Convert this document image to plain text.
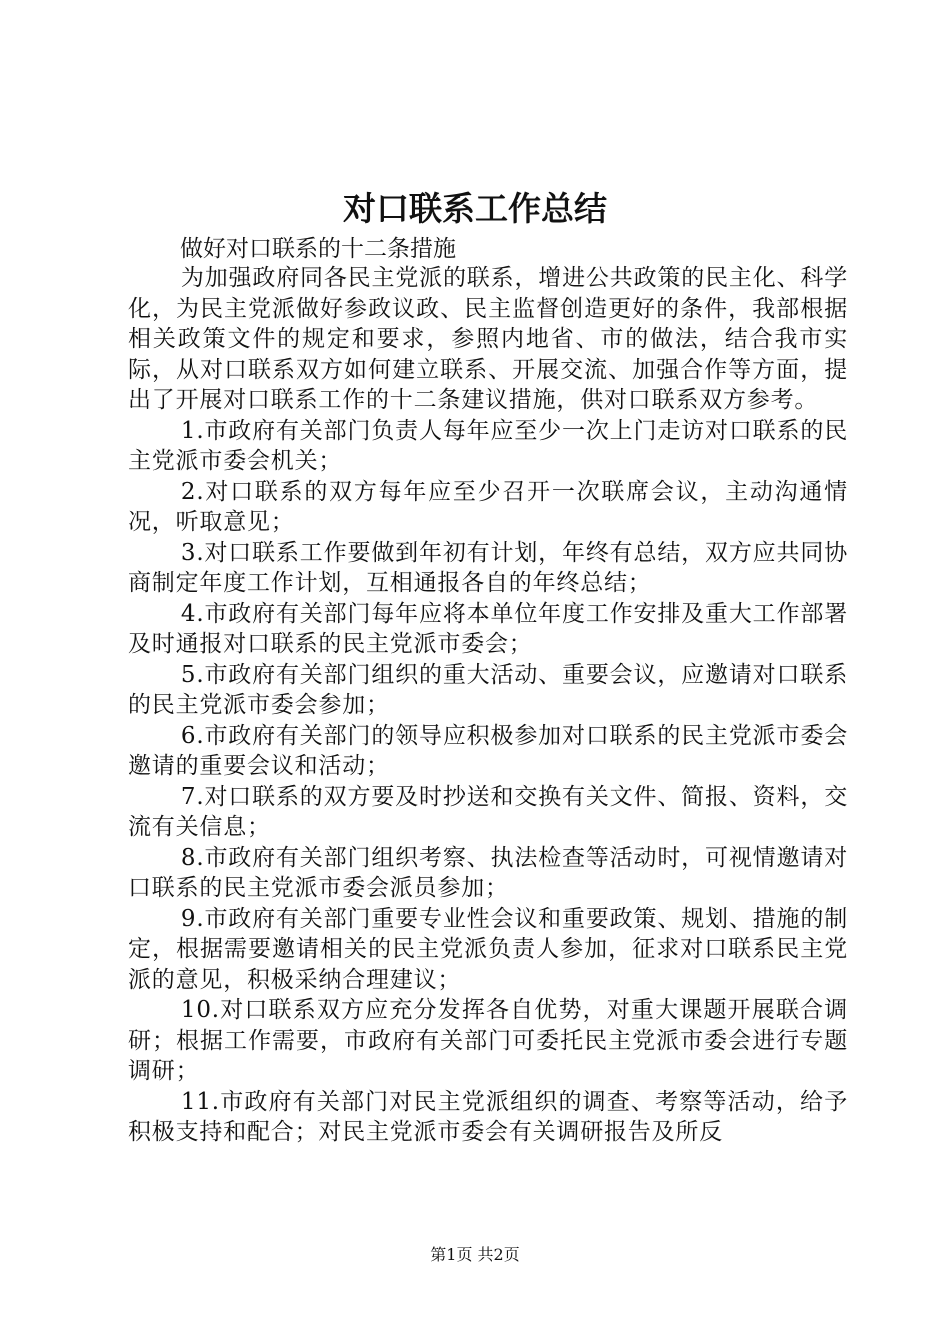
对口联系工作总结
做好对口联系的十二条措施

为加强政府同各民主党派的联系，增进公共政策的民主化、科学化，为民主党派做好参政议政、民主监督创造更好的条件，我部根据相关政策文件的规定和要求，参照内地省、市的做法，结合我市实际，从对口联系双方如何建立联系、开展交流、加强合作等方面，提出了开展对口联系工作的十二条建议措施，供对口联系双方参考。

1.市政府有关部门负责人每年应至少一次上门走访对口联系的民主党派市委会机关；

2.对口联系的双方每年应至少召开一次联席会议，主动沟通情况，听取意见；

3.对口联系工作要做到年初有计划，年终有总结，双方应共同协商制定年度工作计划，互相通报各自的年终总结；

4.市政府有关部门每年应将本单位年度工作安排及重大工作部署及时通报对口联系的民主党派市委会；

5.市政府有关部门组织的重大活动、重要会议，应邀请对口联系的民主党派市委会参加；

6.市政府有关部门的领导应积极参加对口联系的民主党派市委会邀请的重要会议和活动；

7.对口联系的双方要及时抄送和交换有关文件、简报、资料，交流有关信息；

8.市政府有关部门组织考察、执法检查等活动时，可视情邀请对口联系的民主党派市委会派员参加；

9.市政府有关部门重要专业性会议和重要政策、规划、措施的制定，根据需要邀请相关的民主党派负责人参加，征求对口联系民主党派的意见，积极采纳合理建议；

10.对口联系双方应充分发挥各自优势，对重大课题开展联合调研；根据工作需要，市政府有关部门可委托民主党派市委会进行专题调研；

11.市政府有关部门对民主党派组织的调查、考察等活动，给予积极支持和配合；对民主党派市委会有关调研报告及所反

第1页 共2页
